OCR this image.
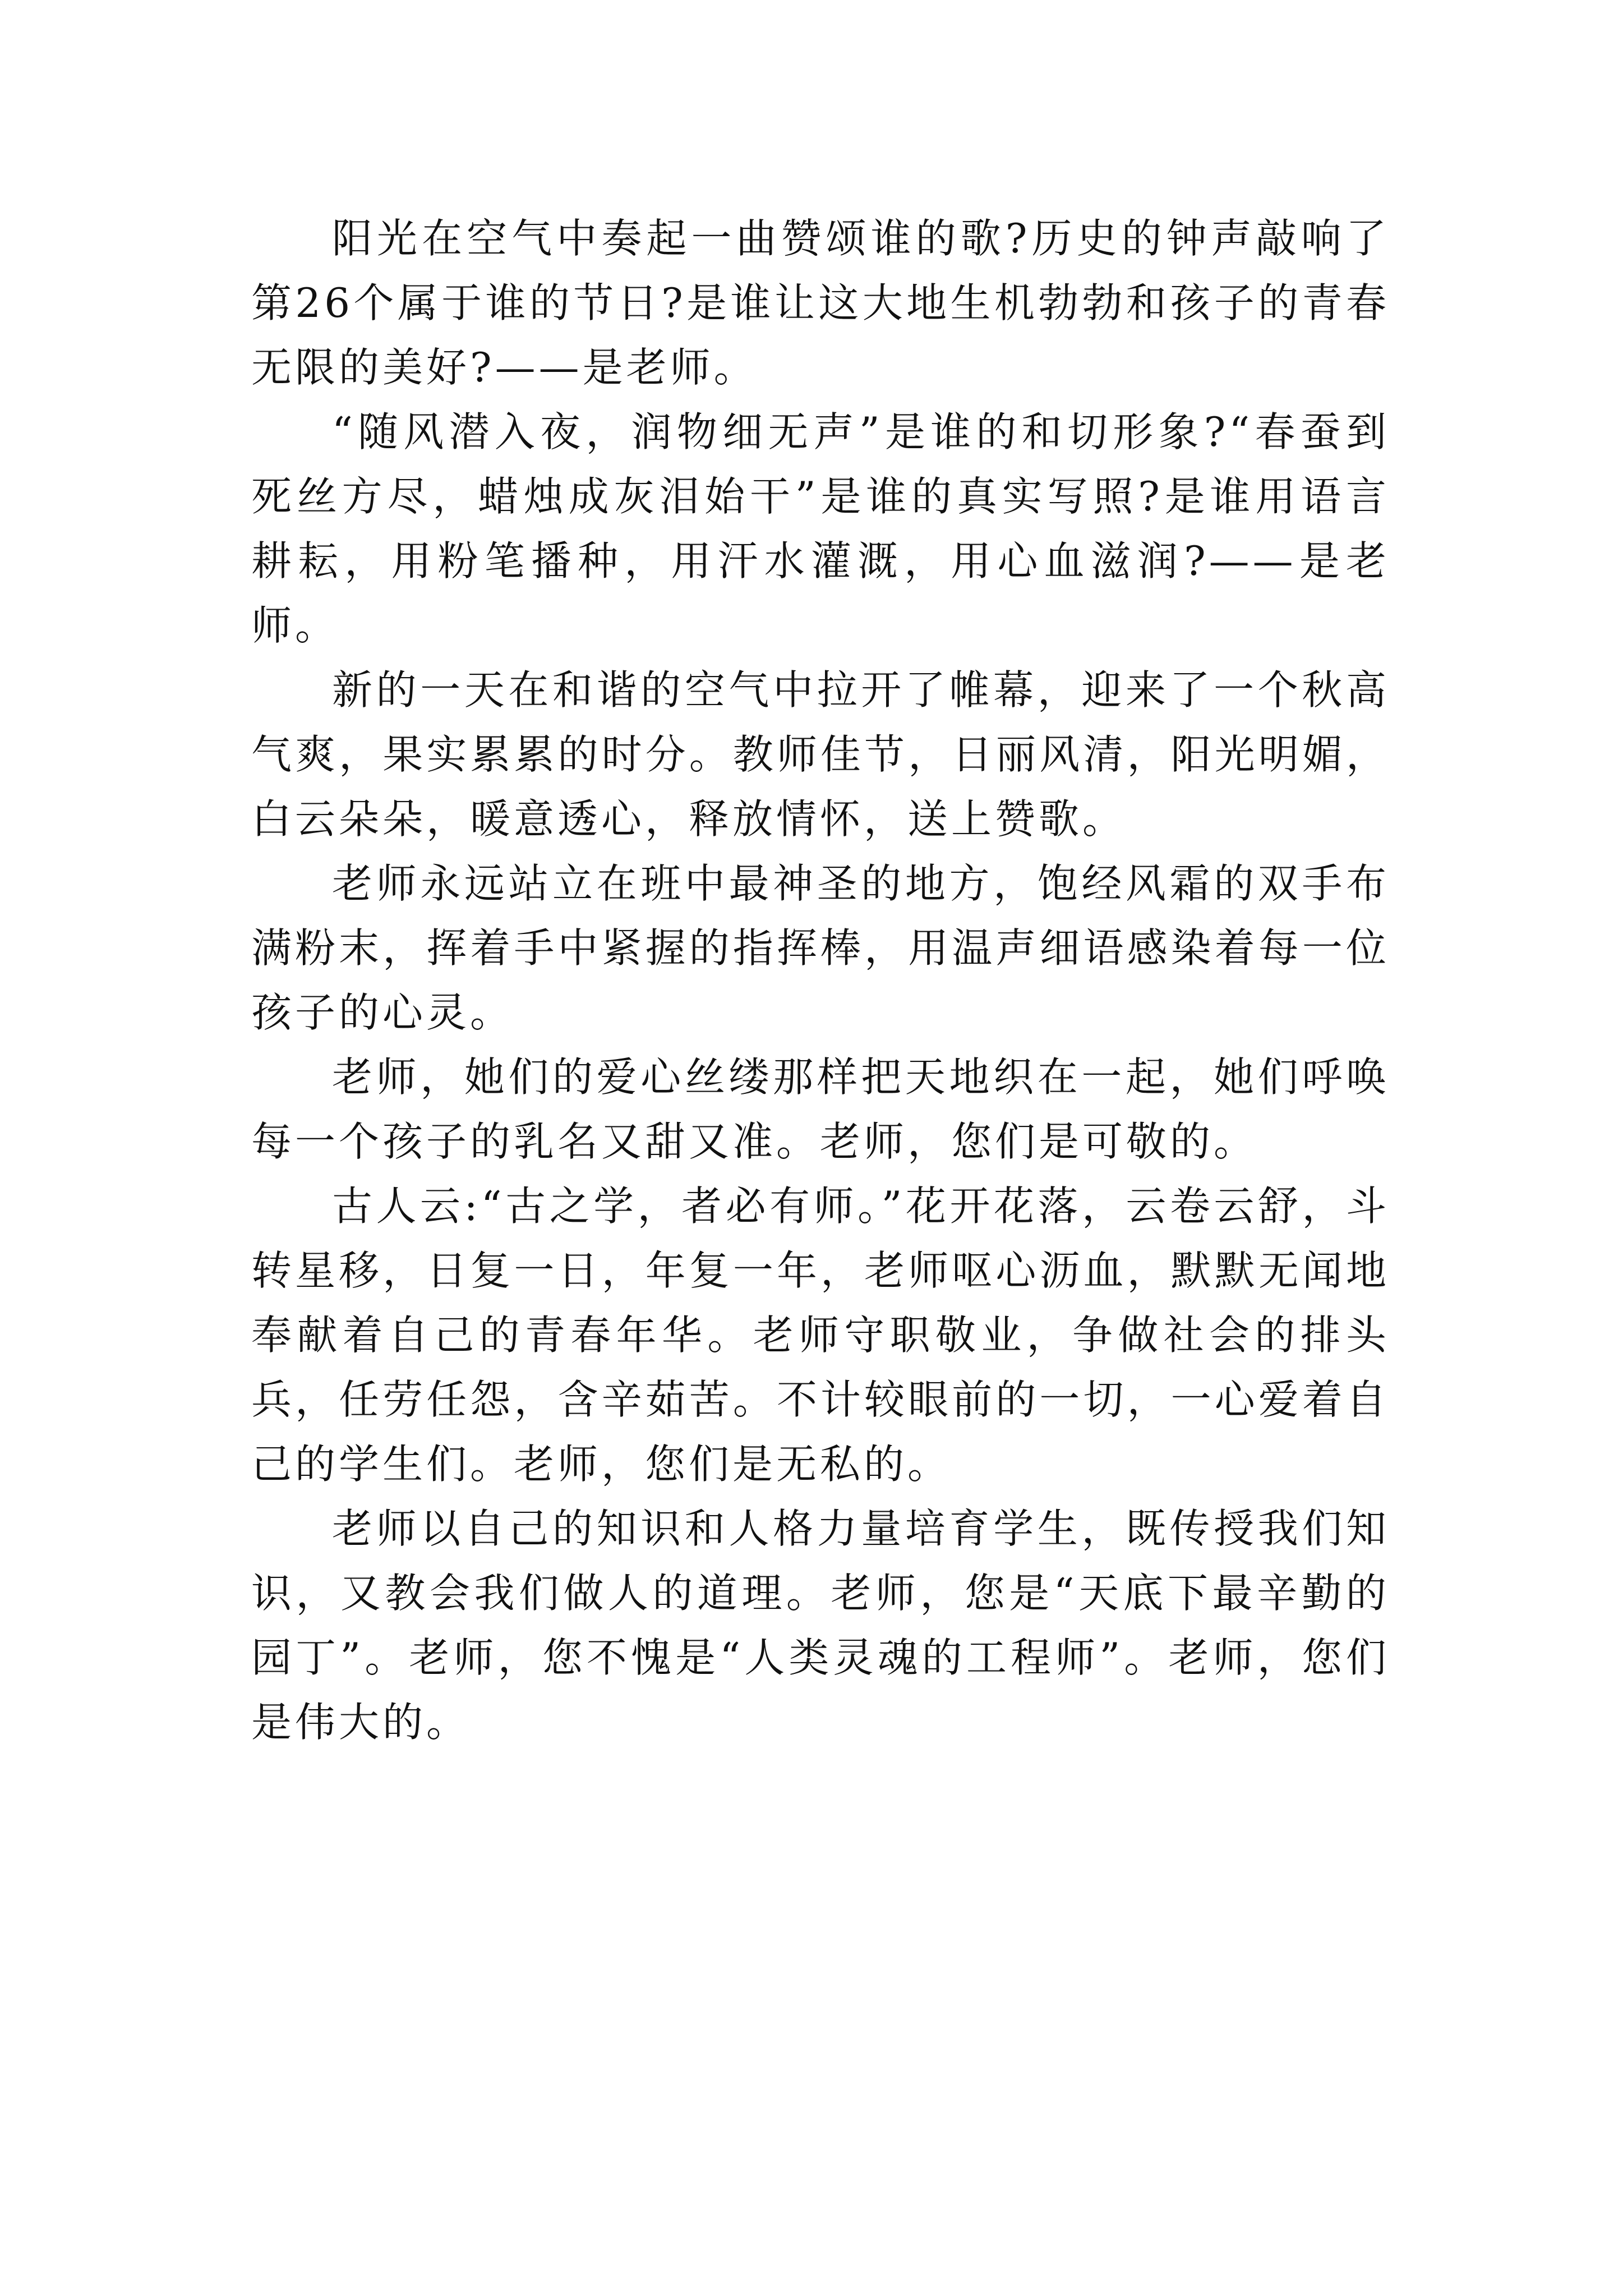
阳光在空气中奏起一曲赞颂谁的歌?历史的钟声敲响了第26个属于谁的节日?是谁让这大地生机勃勃和孩子的青春无限的美好?——是老师。

“随风潜入夜，润物细无声”是谁的和切形象?“春蚕到死丝方尽，蜡烛成灰泪始干”是谁的真实写照?是谁用语言耕耘，用粉笔播种，用汗水灌溉，用心血滋润?——是老师。

新的一天在和谐的空气中拉开了帷幕，迎来了一个秋高气爽，果实累累的时分。教师佳节，日丽风清，阳光明媚，白云朵朵，暖意透心，释放情怀，送上赞歌。

老师永远站立在班中最神圣的地方，饱经风霜的双手布满粉末，挥着手中紧握的指挥棒，用温声细语感染着每一位孩子的心灵。

老师，她们的爱心丝缕那样把天地织在一起，她们呼唤每一个孩子的乳名又甜又准。老师，您们是可敬的。

古人云:“古之学，者必有师。”花开花落，云卷云舒，斗转星移，日复一日，年复一年，老师呕心沥血，默默无闻地奉献着自己的青春年华。老师守职敬业，争做社会的排头兵，任劳任怨，含辛茹苦。不计较眼前的一切，一心爱着自己的学生们。老师，您们是无私的。

老师以自己的知识和人格力量培育学生，既传授我们知识，又教会我们做人的道理。老师，您是“天底下最辛勤的园丁”。老师，您不愧是“人类灵魂的工程师”。老师，您们是伟大的。
